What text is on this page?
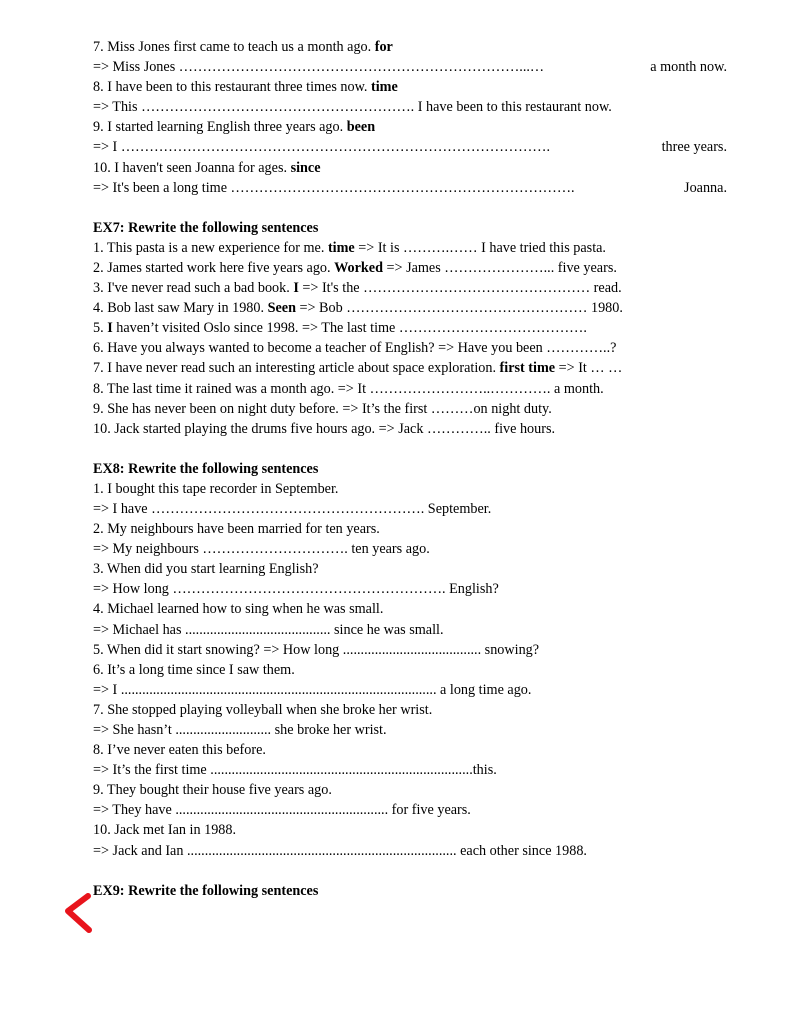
7. Miss Jones first came to teach us a month ago. for
=> Miss Jones ………………………………………………………………...…	a month now.
8. I have been to this restaurant three times now. time
=> This …………………………………………………. I have been to this restaurant now.
9. I started learning English three years ago. been
=> I ……………………………………………………………………………….	three years.
10. I haven't seen Joanna for ages. since
=> It's been a long time ……………………………………………………………….	Joanna.
EX7: Rewrite the following sentences
1. This pasta is a new experience for me. time => It is ……….…… I have tried this pasta.
2. James started work here five years ago. Worked => James …………………... five years.
3. I've never read such a bad book. I => It's the ………………………………………… read.
4. Bob last saw Mary in 1980. Seen => Bob …………………………………………… 1980.
5. I haven’t visited Oslo since 1998. => The last time ………………………………….
6. Have you always wanted to become a teacher of English? => Have you been …………..?
7. I have never read such an interesting article about space exploration. first time => It … …
8. The last time it rained was a month ago. => It ……………………..…………. a month.
9. She has never been on night duty before. => It’s the first ………on night duty.
10. Jack started playing the drums five hours ago. => Jack ………….. five hours.
EX8: Rewrite the following sentences
1. I bought this tape recorder in September.
=> I have …………………………………………………. September.
2. My neighbours have been married for ten years.
=> My neighbours …………………………. ten years ago.
3. When did you start learning English?
=> How long …………………………………………………. English?
4. Michael learned how to sing when he was small.
=> Michael has ......................................... since he was small.
5. When did it start snowing? => How long ....................................... snowing?
6. It’s a long time since I saw them.
=> I ......................................................................................... a long time ago.
7. She stopped playing volleyball when she broke her wrist.
=> She hasn’t ........................... she broke her wrist.
8. I’ve never eaten this before.
=> It’s the first time ..........................................................................this.
9. They bought their house five years ago.
=> They have ............................................................ for five years.
10. Jack met Ian in 1988.
=> Jack and Ian ............................................................................ each other since 1988.
EX9: Rewrite the following sentences
